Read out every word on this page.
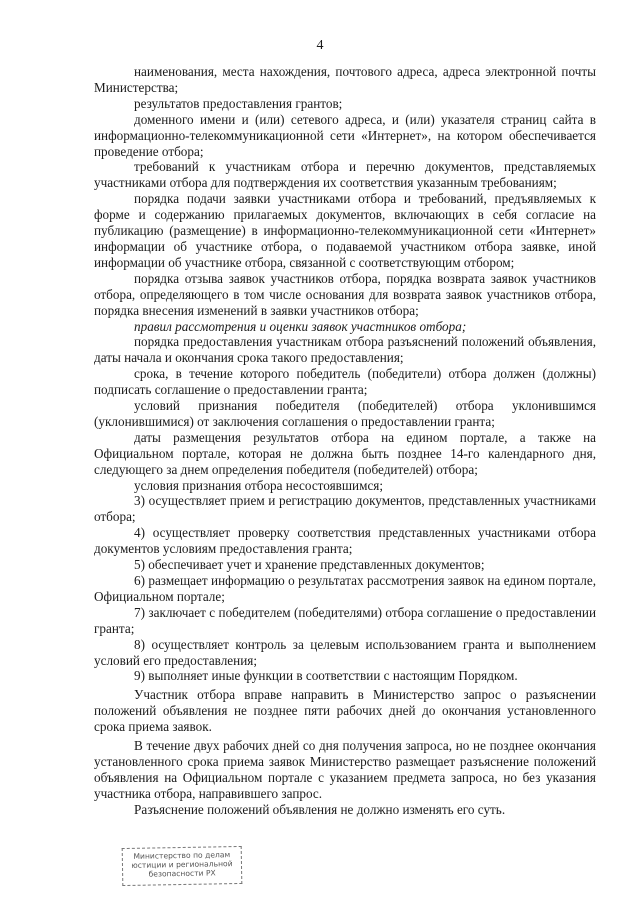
4

наименования, места нахождения, почтового адреса, адреса электронной почты Министерства;

результатов предоставления грантов;

доменного имени и (или) сетевого адреса, и (или) указателя страниц сайта в информационно-телекоммуникационной сети «Интернет», на котором обеспечивается проведение отбора;

требований к участникам отбора и перечню документов, представляемых участниками отбора для подтверждения их соответствия указанным требованиям;

порядка подачи заявки участниками отбора и требований, предъявляемых к форме и содержанию прилагаемых документов, включающих в себя согласие на публикацию (размещение) в информационно-телекоммуникационной сети «Интернет» информации об участнике отбора, о подаваемой участником отбора заявке, иной информации об участнике отбора, связанной с соответствующим отбором;

порядка отзыва заявок участников отбора, порядка возврата заявок участников отбора, определяющего в том числе основания для возврата заявок участников отбора, порядка внесения изменений в заявки участников отбора;

правил рассмотрения и оценки заявок участников отбора;

порядка предоставления участникам отбора разъяснений положений объявления, даты начала и окончания срока такого предоставления;

срока, в течение которого победитель (победители) отбора должен (должны) подписать соглашение о предоставлении гранта;

условий признания победителя (победителей) отбора уклонившимся (уклонившимися) от заключения соглашения о предоставлении гранта;

даты размещения результатов отбора на едином портале, а также на Официальном портале, которая не должна быть позднее 14-го календарного дня, следующего за днем определения победителя (победителей) отбора;

условия признания отбора несостоявшимся;

3) осуществляет прием и регистрацию документов, представленных участниками отбора;

4) осуществляет проверку соответствия представленных участниками отбора документов условиям предоставления гранта;

5) обеспечивает учет и хранение представленных документов;

6) размещает информацию о результатах рассмотрения заявок на едином портале, Официальном портале;

7) заключает с победителем (победителями) отбора соглашение о предоставлении гранта;

8) осуществляет контроль за целевым использованием гранта и выполнением условий его предоставления;

9) выполняет иные функции в соответствии с настоящим Порядком.

Участник отбора вправе направить в Министерство запрос о разъяснении положений объявления не позднее пяти рабочих дней до окончания установленного срока приема заявок.

В течение двух рабочих дней со дня получения запроса, но не позднее окончания установленного срока приема заявок Министерство размещает разъяснение положений объявления на Официальном портале с указанием предмета запроса, но без указания участника отбора, направившего запрос.

Разъяснение положений объявления не должно изменять его суть.

Министерство по делам
юстиции и региональной
безопасности РХ
